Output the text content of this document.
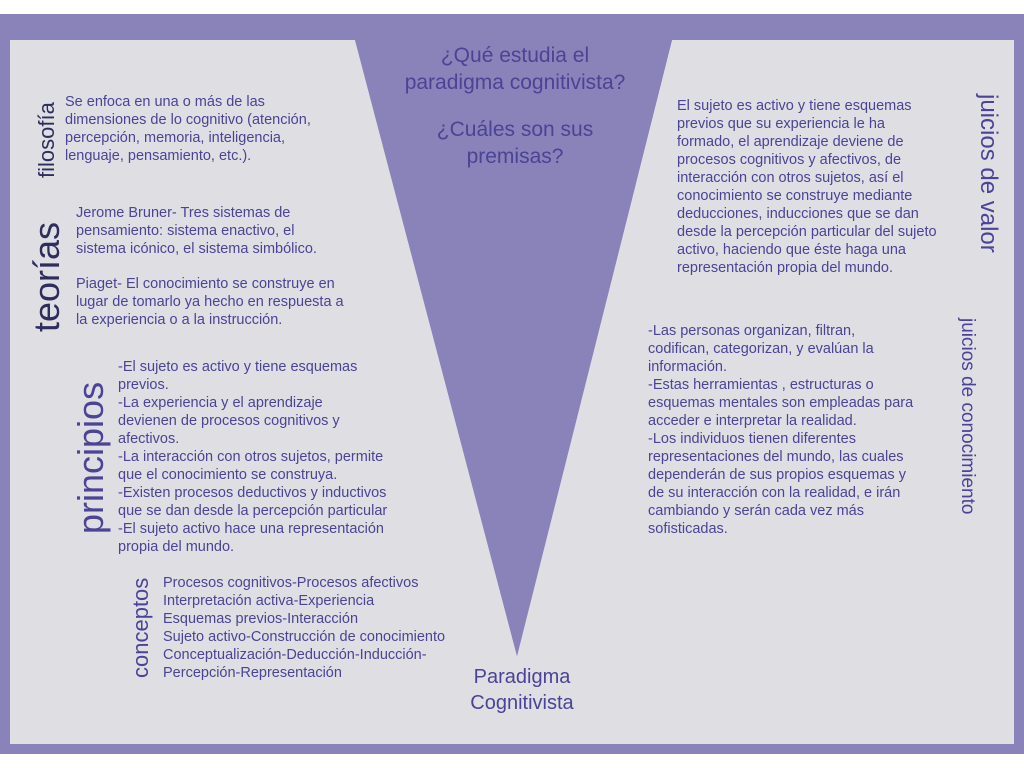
¿Qué estudia el
paradigma cognitivista?
¿Cuáles son sus
premisas?
Paradigma
Cognitivista
filosofía
Se enfoca en una o más de las
dimensiones de lo cognitivo (atención,
percepción, memoria, inteligencia,
lenguaje, pensamiento, etc.).
teorías
Jerome Bruner- Tres sistemas de
pensamiento: sistema enactivo, el
sistema icónico, el sistema simbólico.
Piaget- El conocimiento se construye en
lugar de tomarlo ya hecho en respuesta a
la experiencia o a la instrucción.
principios
-El sujeto es activo y tiene esquemas
previos.
-La experiencia y el aprendizaje
devienen de procesos cognitivos y
afectivos.
-La interacción con otros sujetos, permite
que el conocimiento se construya.
-Existen procesos deductivos y inductivos
que se dan desde la percepción particular
-El sujeto activo hace una representación
propia del mundo.
conceptos Procesos cognitivos-Procesos afectivos
Interpretación activa-Experiencia
Esquemas previos-Interacción
Sujeto activo-Construcción de conocimiento
Conceptualización-Deducción-Inducción-
Percepción-Representación
juicios de valor
El sujeto es activo y tiene esquemas
previos que su experiencia le ha
formado, el aprendizaje deviene de
procesos cognitivos y afectivos, de
interacción con otros sujetos, así el
conocimiento se construye mediante
deducciones, inducciones que se dan
desde la percepción particular del sujeto
activo, haciendo que éste haga una
representación propia del mundo.
juicios de conocimiento
-Las personas organizan, filtran,
codifican, categorizan, y evalúan la
información.
-Estas herramientas , estructuras o
esquemas mentales son empleadas para
acceder e interpretar la realidad.
-Los individuos tienen diferentes
representaciones del mundo, las cuales
dependerán de sus propios esquemas y
de su interacción con la realidad, e irán
cambiando y serán cada vez más
sofisticadas.
